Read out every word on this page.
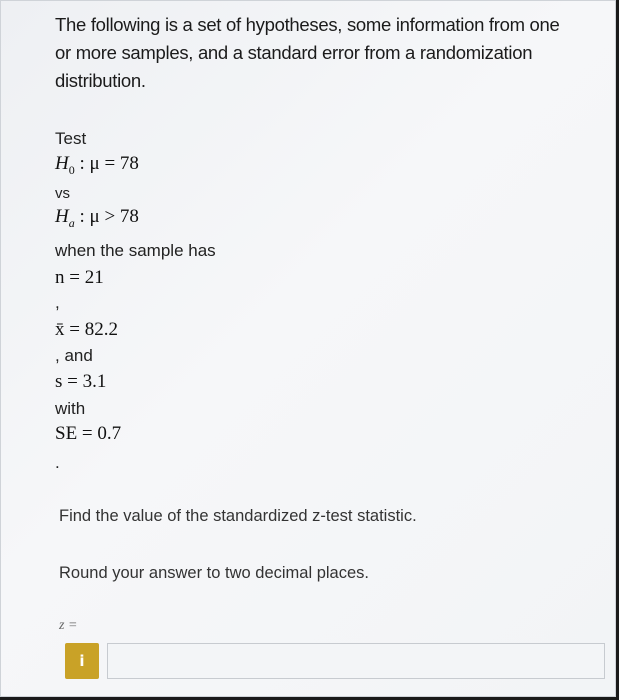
The following is a set of hypotheses, some information from one or more samples, and a standard error from a randomization distribution.
Test
$H_0$ : μ = 78
vs
$H_a$ : μ > 78
when the sample has
n = 21
,
x̄ = 82.2
, and
s = 3.1
with
SE = 0.7
.
Find the value of the standardized z-test statistic.
Round your answer to two decimal places.
z =
i
